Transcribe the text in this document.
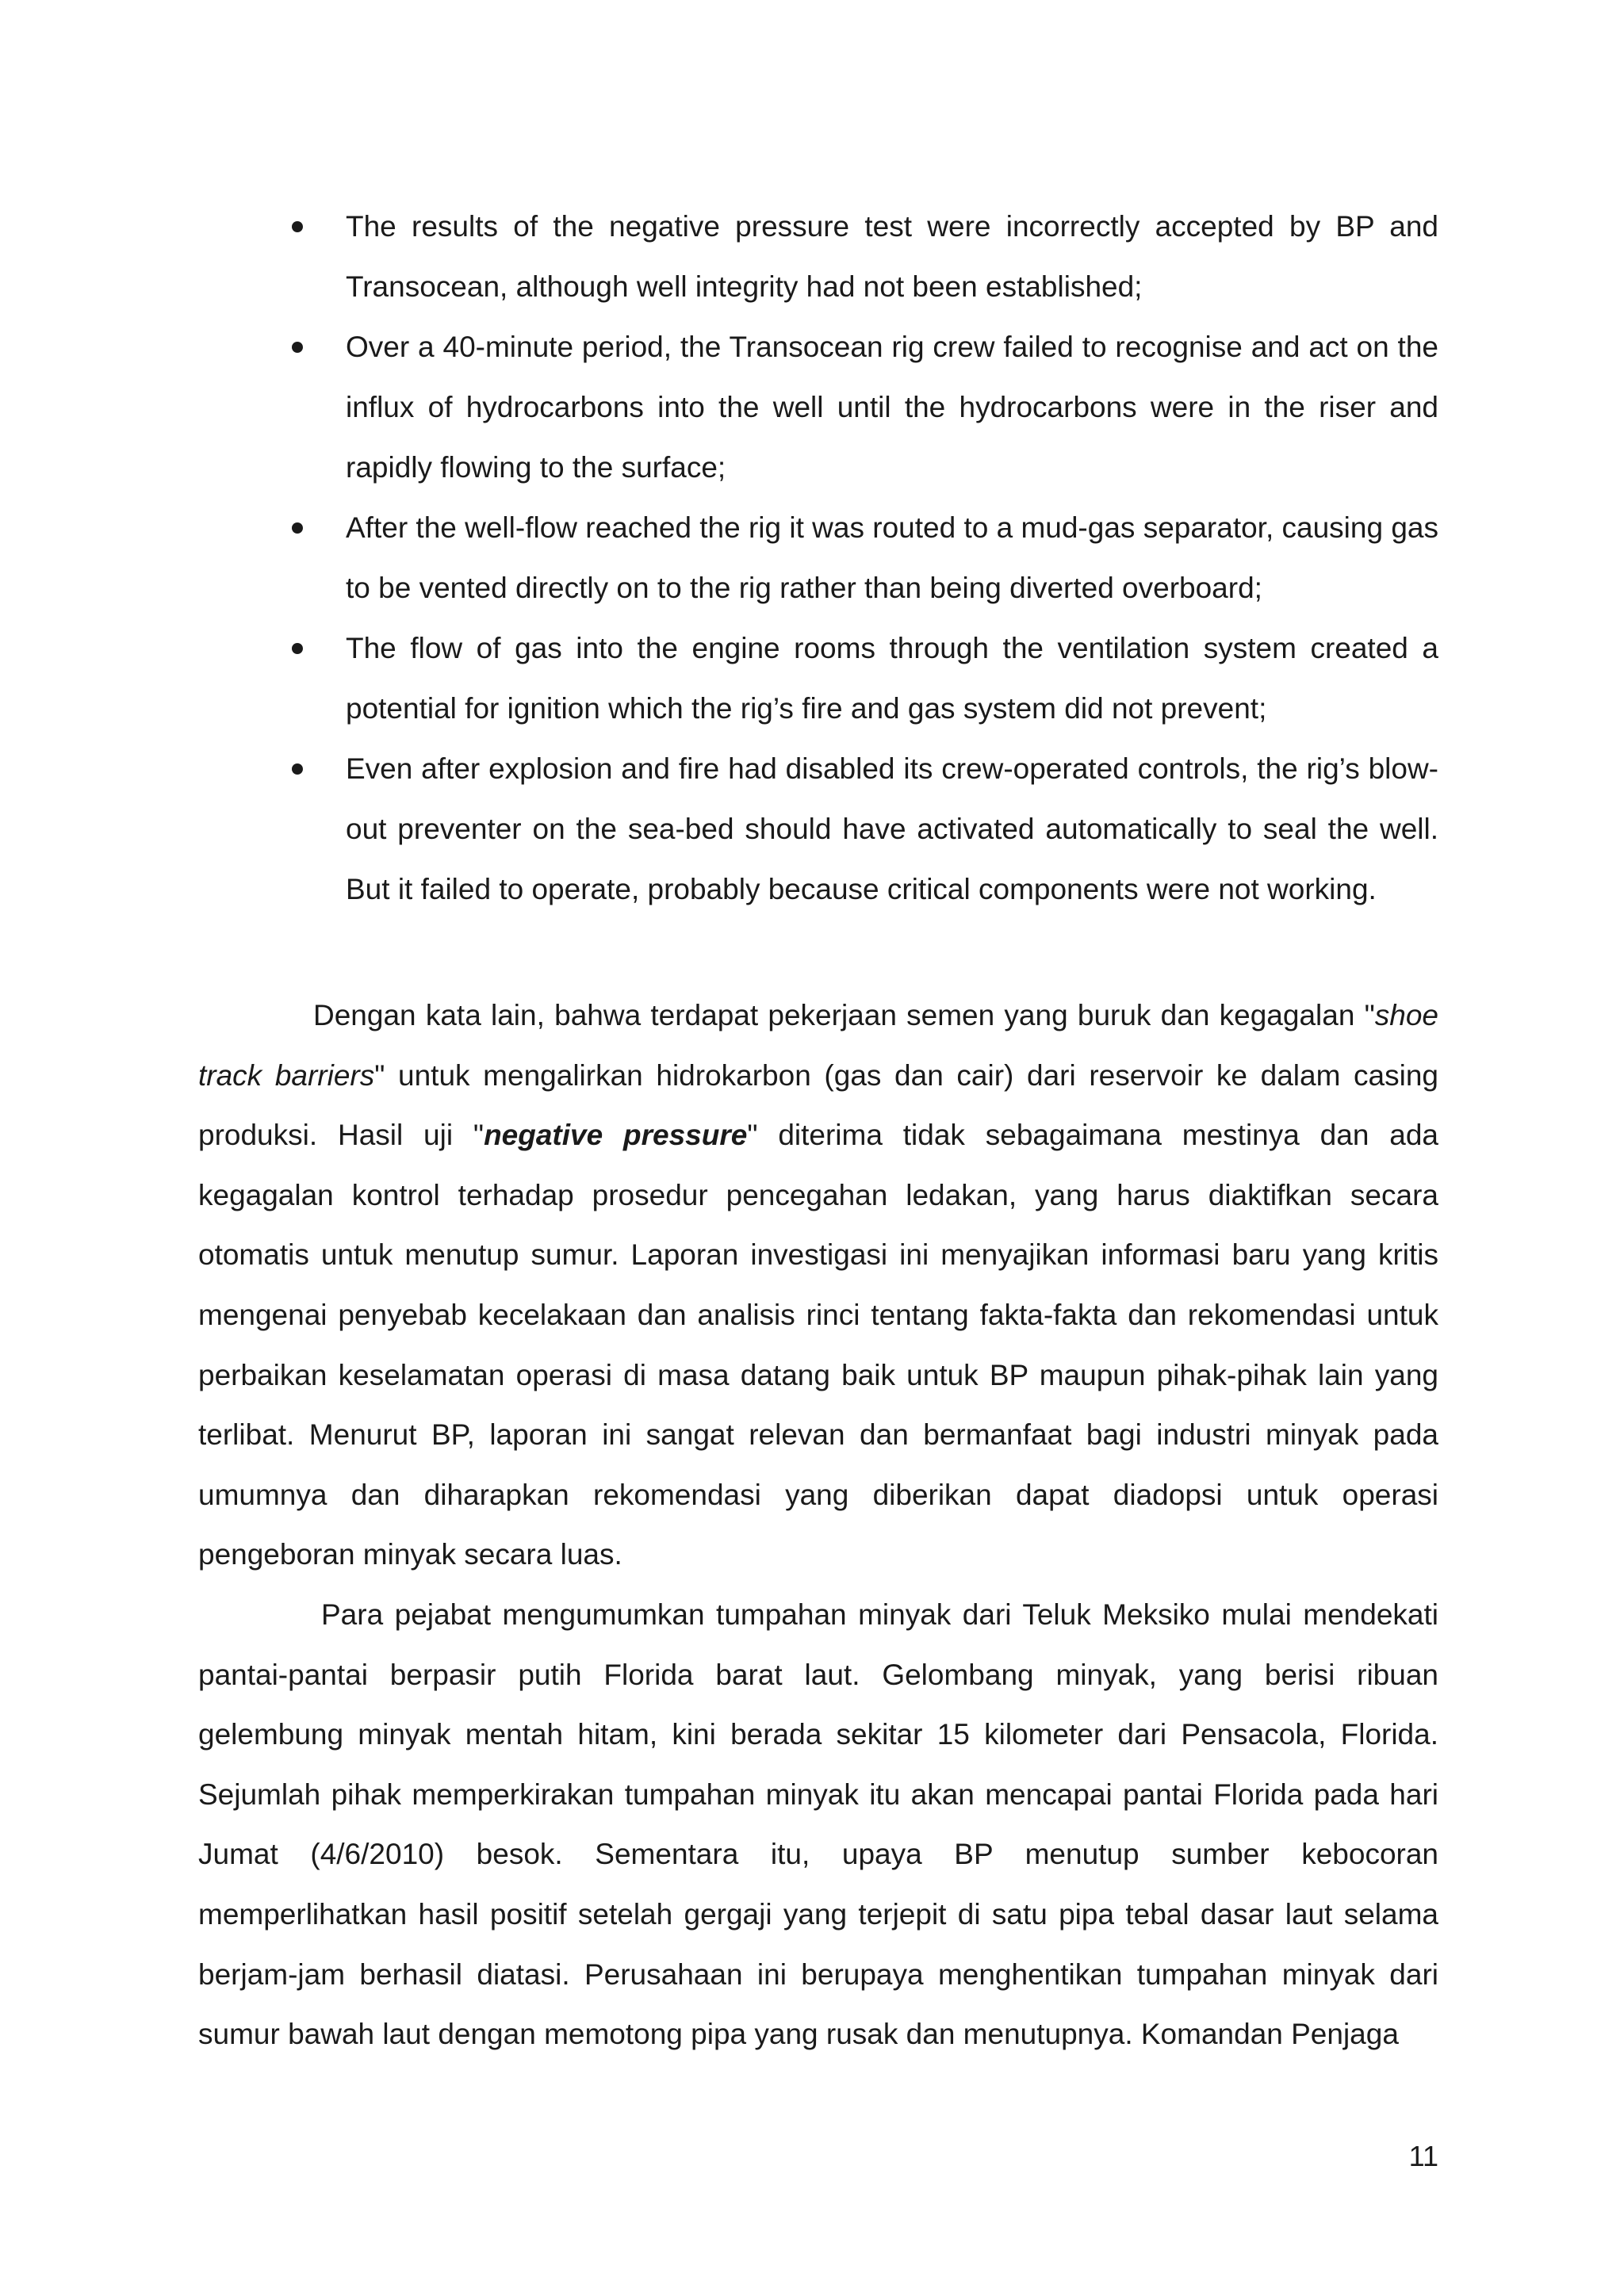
The results of the negative pressure test were incorrectly accepted by BP and Transocean, although well integrity had not been established;
Over a 40-minute period, the Transocean rig crew failed to recognise and act on the influx of hydrocarbons into the well until the hydrocarbons were in the riser and rapidly flowing to the surface;
After the well-flow reached the rig it was routed to a mud-gas separator, causing gas to be vented directly on to the rig rather than being diverted overboard;
The flow of gas into the engine rooms through the ventilation system created a potential for ignition which the rig’s fire and gas system did not prevent;
Even after explosion and fire had disabled its crew-operated controls, the rig’s blow-out preventer on the sea-bed should have activated automatically to seal the well. But it failed to operate, probably because critical components were not working.

Dengan kata lain, bahwa terdapat pekerjaan semen yang buruk dan kegagalan "shoe track barriers" untuk mengalirkan hidrokarbon (gas dan cair) dari reservoir ke dalam casing produksi. Hasil uji "negative pressure" diterima tidak sebagaimana mestinya dan ada kegagalan kontrol terhadap prosedur pencegahan ledakan, yang harus diaktifkan secara otomatis untuk menutup sumur. Laporan investigasi ini menyajikan informasi baru yang kritis mengenai penyebab kecelakaan dan analisis rinci tentang fakta-fakta dan rekomendasi untuk perbaikan keselamatan operasi di masa datang baik untuk BP maupun pihak-pihak lain yang terlibat. Menurut BP, laporan ini sangat relevan dan bermanfaat bagi industri minyak pada umumnya dan diharapkan rekomendasi yang diberikan dapat diadopsi untuk operasi pengeboran minyak secara luas.

Para pejabat mengumumkan tumpahan minyak dari Teluk Meksiko mulai mendekati pantai-pantai berpasir putih Florida barat laut. Gelombang minyak, yang berisi ribuan gelembung minyak mentah hitam, kini berada sekitar 15 kilometer dari Pensacola, Florida. Sejumlah pihak memperkirakan tumpahan minyak itu akan mencapai pantai Florida pada hari Jumat (4/6/2010) besok. Sementara itu, upaya BP menutup sumber kebocoran memperlihatkan hasil positif setelah gergaji yang terjepit di satu pipa tebal dasar laut selama berjam-jam berhasil diatasi. Perusahaan ini berupaya menghentikan tumpahan minyak dari sumur bawah laut dengan memotong pipa yang rusak dan menutupnya. Komandan Penjaga

11
